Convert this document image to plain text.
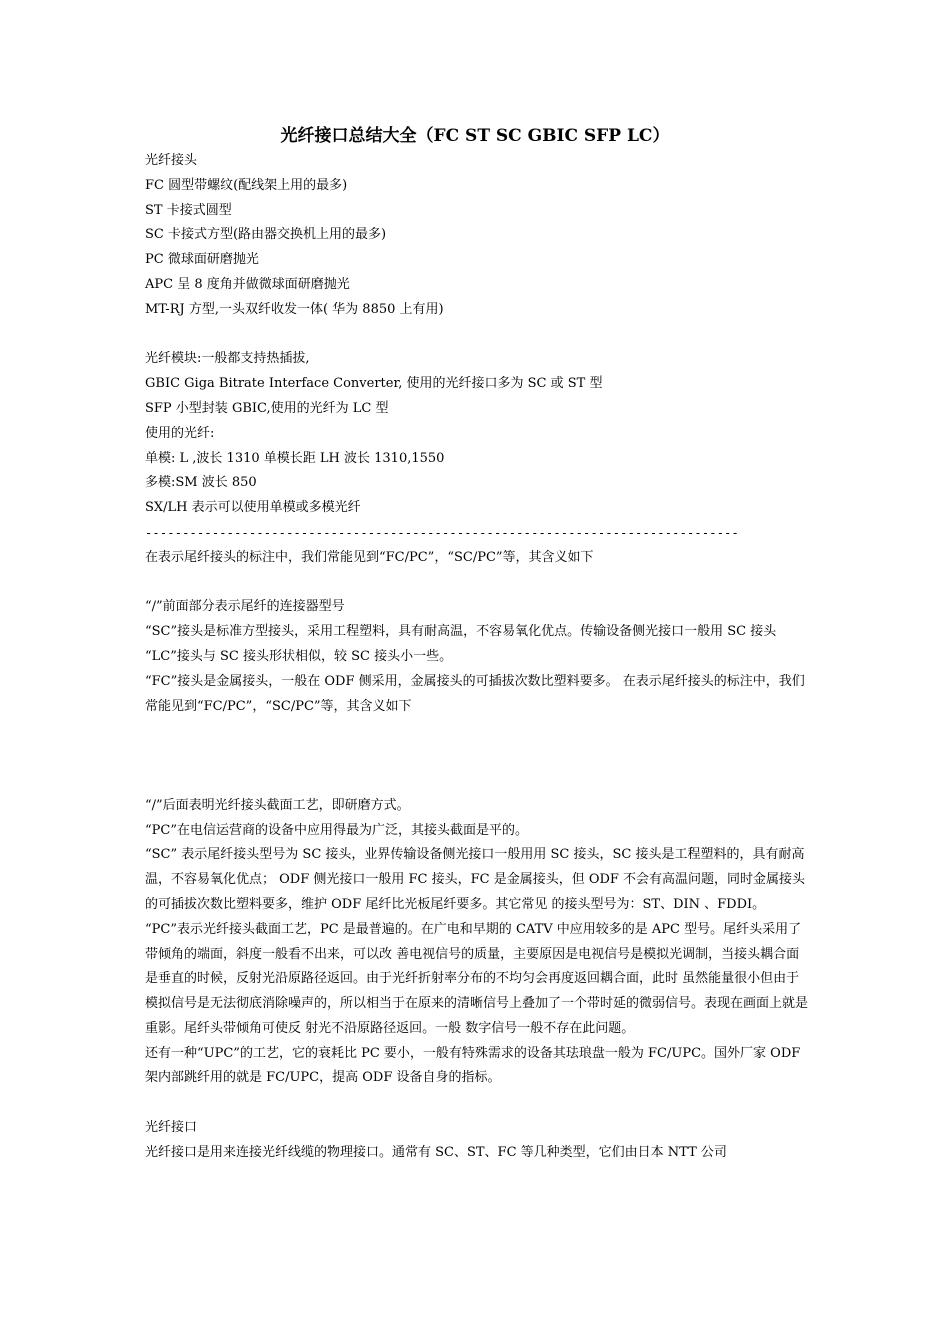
光纤接口总结大全（FC ST SC GBIC SFP LC）

光纤接头

FC 圆型带螺纹(配线架上用的最多)

ST 卡接式圆型

SC 卡接式方型(路由器交换机上用的最多)

PC 微球面研磨抛光

APC 呈 8 度角并做微球面研磨抛光

MT-RJ 方型,一头双纤收发一体( 华为 8850 上有用)

光纤模块:一般都支持热插拔,

GBIC Giga Bitrate Interface Converter, 使用的光纤接口多为 SC 或 ST 型

SFP 小型封装 GBIC,使用的光纤为 LC 型

使用的光纤:

单模: L ,波长 1310 单模长距 LH 波长 1310,1550

多模:SM 波长 850

SX/LH 表示可以使用单模或多模光纤

--------------------------------------------------------------------------------

在表示尾纤接头的标注中，我们常能见到“FC/PC”，“SC/PC”等，其含义如下

“/”前面部分表示尾纤的连接器型号

“SC”接头是标准方型接头，采用工程塑料，具有耐高温，不容易氧化优点。传输设备侧光接口一般用 SC 接头

“LC”接头与 SC 接头形状相似，较 SC 接头小一些。

“FC”接头是金属接头，一般在 ODF 侧采用，金属接头的可插拔次数比塑料要多。 在表示尾纤接头的标注中，我们常能见到“FC/PC”，“SC/PC”等，其含义如下

“/”后面表明光纤接头截面工艺，即研磨方式。

“PC”在电信运营商的设备中应用得最为广泛，其接头截面是平的。

“SC” 表示尾纤接头型号为 SC 接头，业界传输设备侧光接口一般用用 SC 接头，SC 接头是工程塑料的，具有耐高温，不容易氧化优点； ODF 侧光接口一般用 FC 接头，FC 是金属接头，但 ODF 不会有高温问题，同时金属接头的可插拔次数比塑料要多，维护 ODF 尾纤比光板尾纤要多。其它常见 的接头型号为：ST、DIN 、FDDI。

“PC”表示光纤接头截面工艺，PC 是最普遍的。在广电和早期的 CATV 中应用较多的是 APC 型号。尾纤头采用了带倾角的端面，斜度一般看不出来，可以改 善电视信号的质量，主要原因是电视信号是模拟光调制，当接头耦合面是垂直的时候，反射光沿原路径返回。由于光纤折射率分布的不均匀会再度返回耦合面，此时 虽然能量很小但由于模拟信号是无法彻底消除噪声的，所以相当于在原来的清晰信号上叠加了一个带时延的微弱信号。表现在画面上就是重影。尾纤头带倾角可使反 射光不沿原路径返回。一般 数字信号一般不存在此问题。

还有一种“UPC”的工艺，它的衰耗比 PC 要小，一般有特殊需求的设备其珐琅盘一般为 FC/UPC。国外厂家 ODF 架内部跳纤用的就是 FC/UPC，提高 ODF 设备自身的指标。

光纤接口

光纤接口是用来连接光纤线缆的物理接口。通常有 SC、ST、FC 等几种类型，它们由日本 NTT 公司
